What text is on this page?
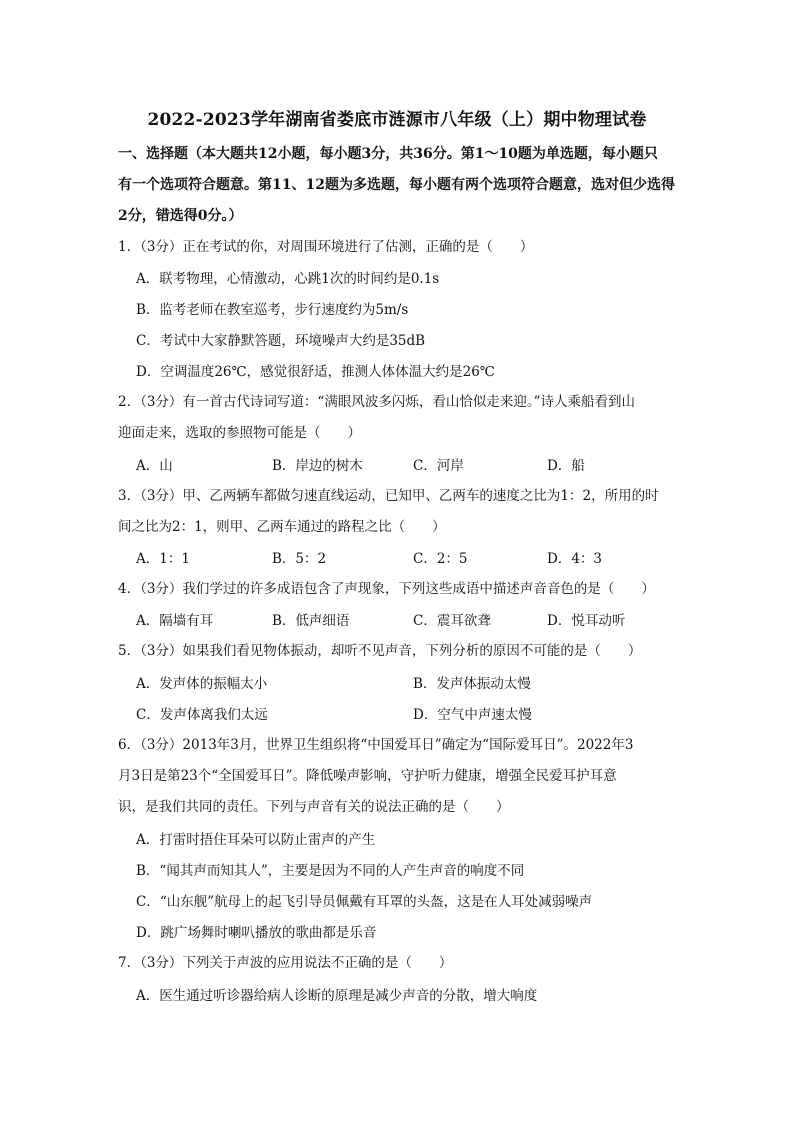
2022-2023学年湖南省娄底市涟源市八年级（上）期中物理试卷
一、选择题（本大题共12小题，每小题3分，共36分。第1～10题为单选题，每小题只
有一个选项符合题意。第11、12题为多选题，每小题有两个选项符合题意，选对但少选得
2分，错选得0分。）
1．（3分）正在考试的你，对周围环境进行了估测，正确的是（　　）
A．联考物理，心情激动，心跳1次的时间约是0.1s
B．监考老师在教室巡考，步行速度约为5m/s
C．考试中大家静默答题，环境噪声大约是35dB
D．空调温度26℃，感觉很舒适，推测人体体温大约是26℃
2．（3分）有一首古代诗词写道：“满眼风波多闪烁，看山恰似走来迎。”诗人乘船看到山
迎面走来，选取的参照物可能是（　　）
A．山	B．岸边的树木	C．河岸	D．船
3．（3分）甲、乙两辆车都做匀速直线运动，已知甲、乙两车的速度之比为1：2，所用的时
间之比为2：1，则甲、乙两车通过的路程之比（　　）
A．1：1	B．5：2	C．2：5	D．4：3
4．（3分）我们学过的许多成语包含了声现象，下列这些成语中描述声音音色的是（　　）
A．隔墙有耳	B．低声细语	C．震耳欲聋	D．悦耳动听
5．（3分）如果我们看见物体振动，却听不见声音，下列分析的原因不可能的是（　　）
A．发声体的振幅太小	B．发声体振动太慢
C．发声体离我们太远	D．空气中声速太慢
6．（3分）2013年3月，世界卫生组织将“中国爱耳日”确定为“国际爱耳日”。2022年3
月3日是第23个“全国爱耳日”。降低噪声影响，守护听力健康，增强全民爱耳护耳意
识，是我们共同的责任。下列与声音有关的说法正确的是（　　）
A．打雷时捂住耳朵可以防止雷声的产生
B．“闻其声而知其人”，主要是因为不同的人产生声音的响度不同
C．“山东舰”航母上的起飞引导员佩戴有耳罩的头盔，这是在人耳处减弱噪声
D．跳广场舞时喇叭播放的歌曲都是乐音
7．（3分）下列关于声波的应用说法不正确的是（　　）
A．医生通过听诊器给病人诊断的原理是减少声音的分散，增大响度
